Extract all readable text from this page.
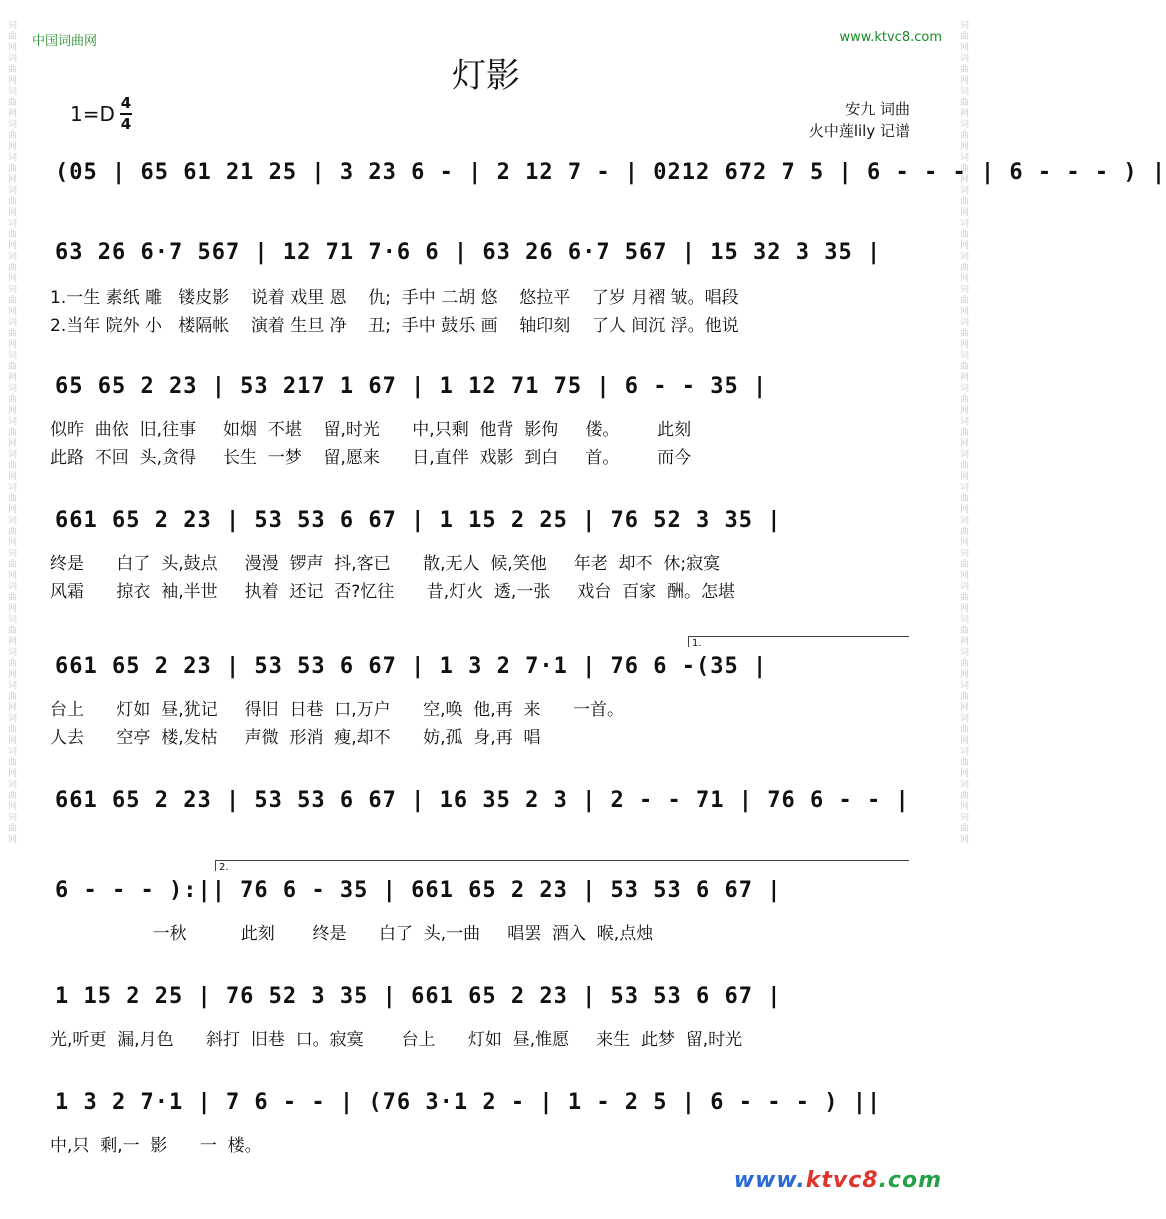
词曲网词曲网词曲网词曲网词曲网词曲网词曲网词曲网词曲网词曲网词曲网词曲网词曲网词曲网词曲网词曲网词曲网词曲网词曲网词曲网词曲网词曲网词曲网词曲网词曲网	词曲网词曲网词曲网词曲网词曲网词曲网词曲网词曲网词曲网词曲网词曲网词曲网词曲网词曲网词曲网词曲网词曲网词曲网词曲网词曲网词曲网词曲网词曲网词曲网词曲网
中国词曲网	www.ktvc8.com
灯影
1=D 4
4
安九 词曲
火中莲lily 记谱
(05 | 65 61 21 25 | 3 23 6 - | 2 12 7 - | 0212 672 7 5 | 6 - - - | 6 - - - ) |
63 26 6·7 567 | 12 71 7·6 6 | 63 26 6·7 567 | 15 32 3 35 |
1.一生 素纸 雕   镂皮影    说着 戏里 恩    仇;  手中 二胡 悠    悠拉平    了岁 月褶 皱。唱段
2.当年 院外 小   楼隔帐    演着 生旦 净    丑;  手中 鼓乐 画    轴印刻    了人 间沉 浮。他说
65 65 2 23 | 53 217 1 67 | 1 12 71 75 | 6 - - 35 |
似昨  曲依  旧,往事     如烟  不堪    留,时光      中,只剩  他背  影佝     偻。       此刻
此路  不回  头,贪得     长生  一梦    留,愿来      日,直伴  戏影  到白     首。       而今
661 65 2 23 | 53 53 6 67 | 1 15 2 25 | 76 52 3 35 |
终是      白了  头,鼓点     漫漫  锣声  抖,客已      散,无人  候,笑他     年老  却不  休;寂寞
风霜      掠衣  袖,半世     执着  还记  否?忆往      昔,灯火  透,一张     戏台  百家  酬。怎堪
1.
661 65 2 23 | 53 53 6 67 | 1 3 2 7·1 | 76 6 -(35 |
台上      灯如  昼,犹记     得旧  日巷  口,万户      空,唤  他,再  来      一首。
人去      空亭  楼,发枯     声微  形消  瘦,却不      妨,孤  身,再  唱
661 65 2 23 | 53 53 6 67 | 16 35 2 3 | 2 - - 71 | 76 6 - - |
2.
6 - - - ):|| 76 6 - 35 | 661 65 2 23 | 53 53 6 67 |
一秋          此刻       终是      白了  头,一曲     唱罢  酒入  喉,点烛
1 15 2 25 | 76 52 3 35 | 661 65 2 23 | 53 53 6 67 |
光,听更  漏,月色      斜打  旧巷  口。寂寞       台上      灯如  昼,惟愿     来生  此梦  留,时光
1 3 2 7·1 | 7 6 - - | (76 3·1 2 - | 1 - 2 5 | 6 - - - ) ||
中,只  剩,一  影      一  楼。
www.ktvc8.com
